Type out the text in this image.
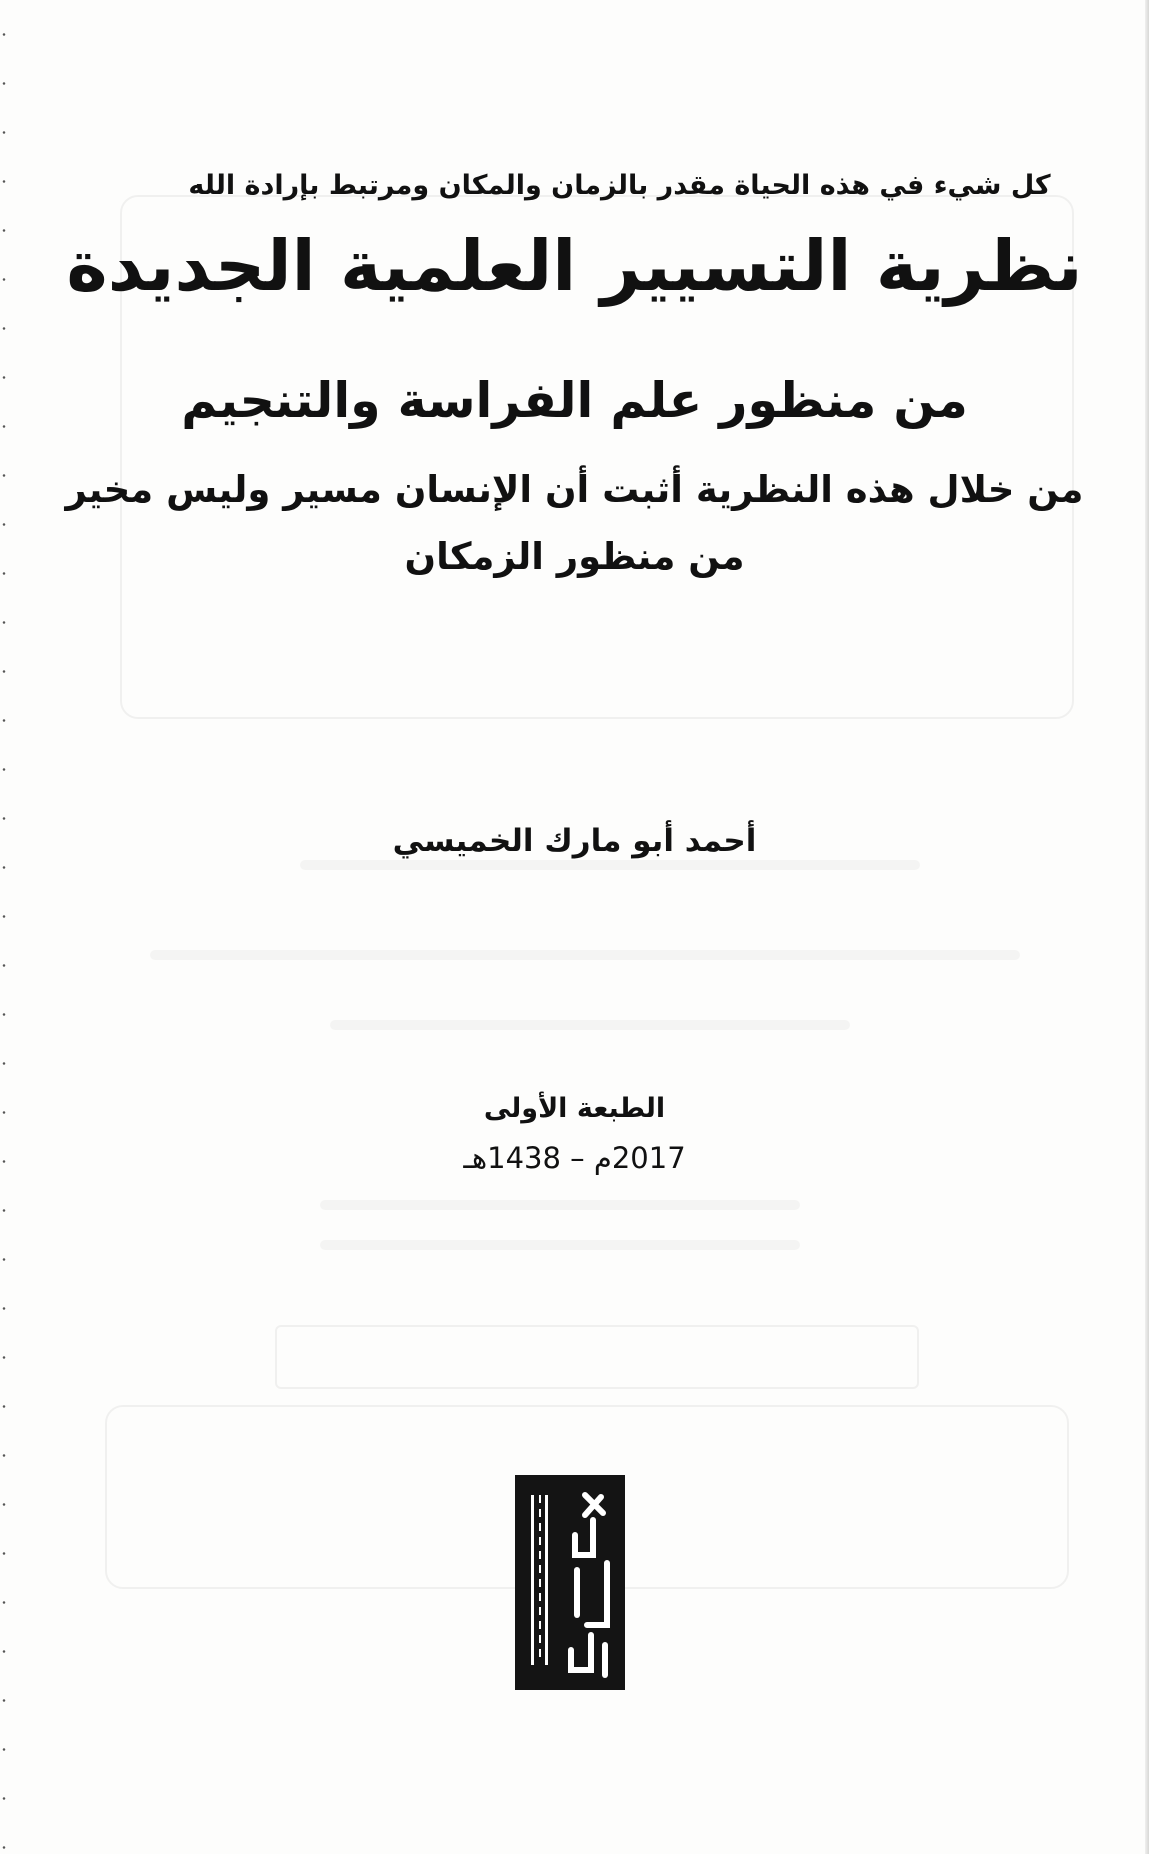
كل شيء في هذه الحياة مقدر بالزمان والمكان ومرتبط بإرادة الله

نظرية التسيير العلمية الجديدة
من منظور علم الفراسة والتنجيم

من خلال هذه النظرية أثبت أن الإنسان مسير وليس مخير

من منظور الزمكان

أحمد أبو مارك الخميسي

الطبعة الأولى

2017م – 1438هـ
